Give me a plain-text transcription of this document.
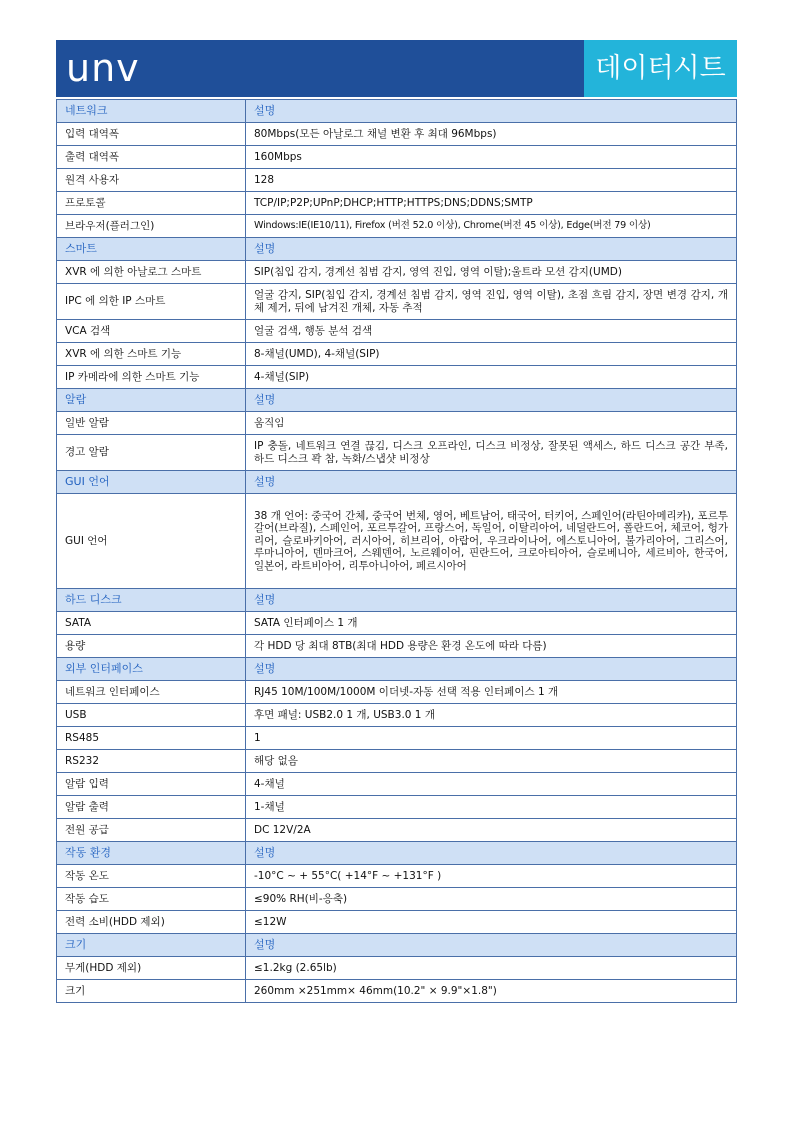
unv	데이터시트
네트워크	설명
입력 대역폭	80Mbps(모든 아날로그 채널 변환 후 최대 96Mbps)
출력 대역폭	160Mbps
원격 사용자	128
프로토콜	TCP/IP;P2P;UPnP;DHCP;HTTP;HTTPS;DNS;DDNS;SMTP
브라우저(플러그인)	Windows:IE(IE10/11), Firefox (버전 52.0 이상), Chrome(버전 45 이상), Edge(버전 79 이상)
스마트	설명
XVR 에 의한 아날로그 스마트	SIP(침입 감지, 경계선 침범 감지, 영역 진입, 영역 이탈);울트라 모션 감지(UMD)
IPC 에 의한 IP 스마트	얼굴 감지, SIP(침입 감지, 경계선 침범 감지, 영역 진입, 영역 이탈), 초점 흐림 감지, 장면 변경 감지, 개체 제거, 뒤에 남겨진 개체, 자동 추적
VCA 검색	얼굴 검색, 행동 분석 검색
XVR 에 의한 스마트 기능	8-채널(UMD), 4-채널(SIP)
IP 카메라에 의한 스마트 기능	4-채널(SIP)
알람	설명
일반 알람	움직임
경고 알람	IP 충돌, 네트워크 연결 끊김, 디스크 오프라인, 디스크 비정상, 잘못된 액세스, 하드 디스크 공간 부족, 하드 디스크 꽉 참, 녹화/스냅샷 비정상
GUI 언어	설명
GUI 언어	38 개 언어: 중국어 간체, 중국어 번체, 영어, 베트남어, 태국어, 터키어, 스페인어(라틴아메리카), 포르투갈어(브라질), 스페인어, 포르투갈어, 프랑스어, 독일어, 이탈리아어, 네덜란드어, 폴란드어, 체코어, 헝가리어, 슬로바키아어, 러시아어, 히브리어, 아랍어, 우크라이나어, 에스토니아어, 불가리아어, 그리스어, 루마니아어, 덴마크어, 스웨덴어, 노르웨이어, 핀란드어, 크로아티아어, 슬로베니아, 세르비아, 한국어, 일본어, 라트비아어, 리투아니아어, 페르시아어
하드 디스크	설명
SATA	SATA 인터페이스 1 개
용량	각 HDD 당 최대 8TB(최대 HDD 용량은 환경 온도에 따라 다름)
외부 인터페이스	설명
네트워크 인터페이스	RJ45 10M/100M/1000M 이더넷-자동 선택 적용 인터페이스 1 개
USB	후면 패널: USB2.0 1 개, USB3.0 1 개
RS485	1
RS232	해당 없음
알람 입력	4-채널
알람 출력	1-채널
전원 공급	DC 12V/2A
작동 환경	설명
작동 온도	-10°C ~ + 55°C( +14°F ~ +131°F )
작동 습도	≤90% RH(비-응축)
전력 소비(HDD 제외)	≤12W
크기	설명
무게(HDD 제외)	≤1.2kg (2.65lb)
크기	260mm ×251mm× 46mm(10.2" × 9.9"×1.8")
